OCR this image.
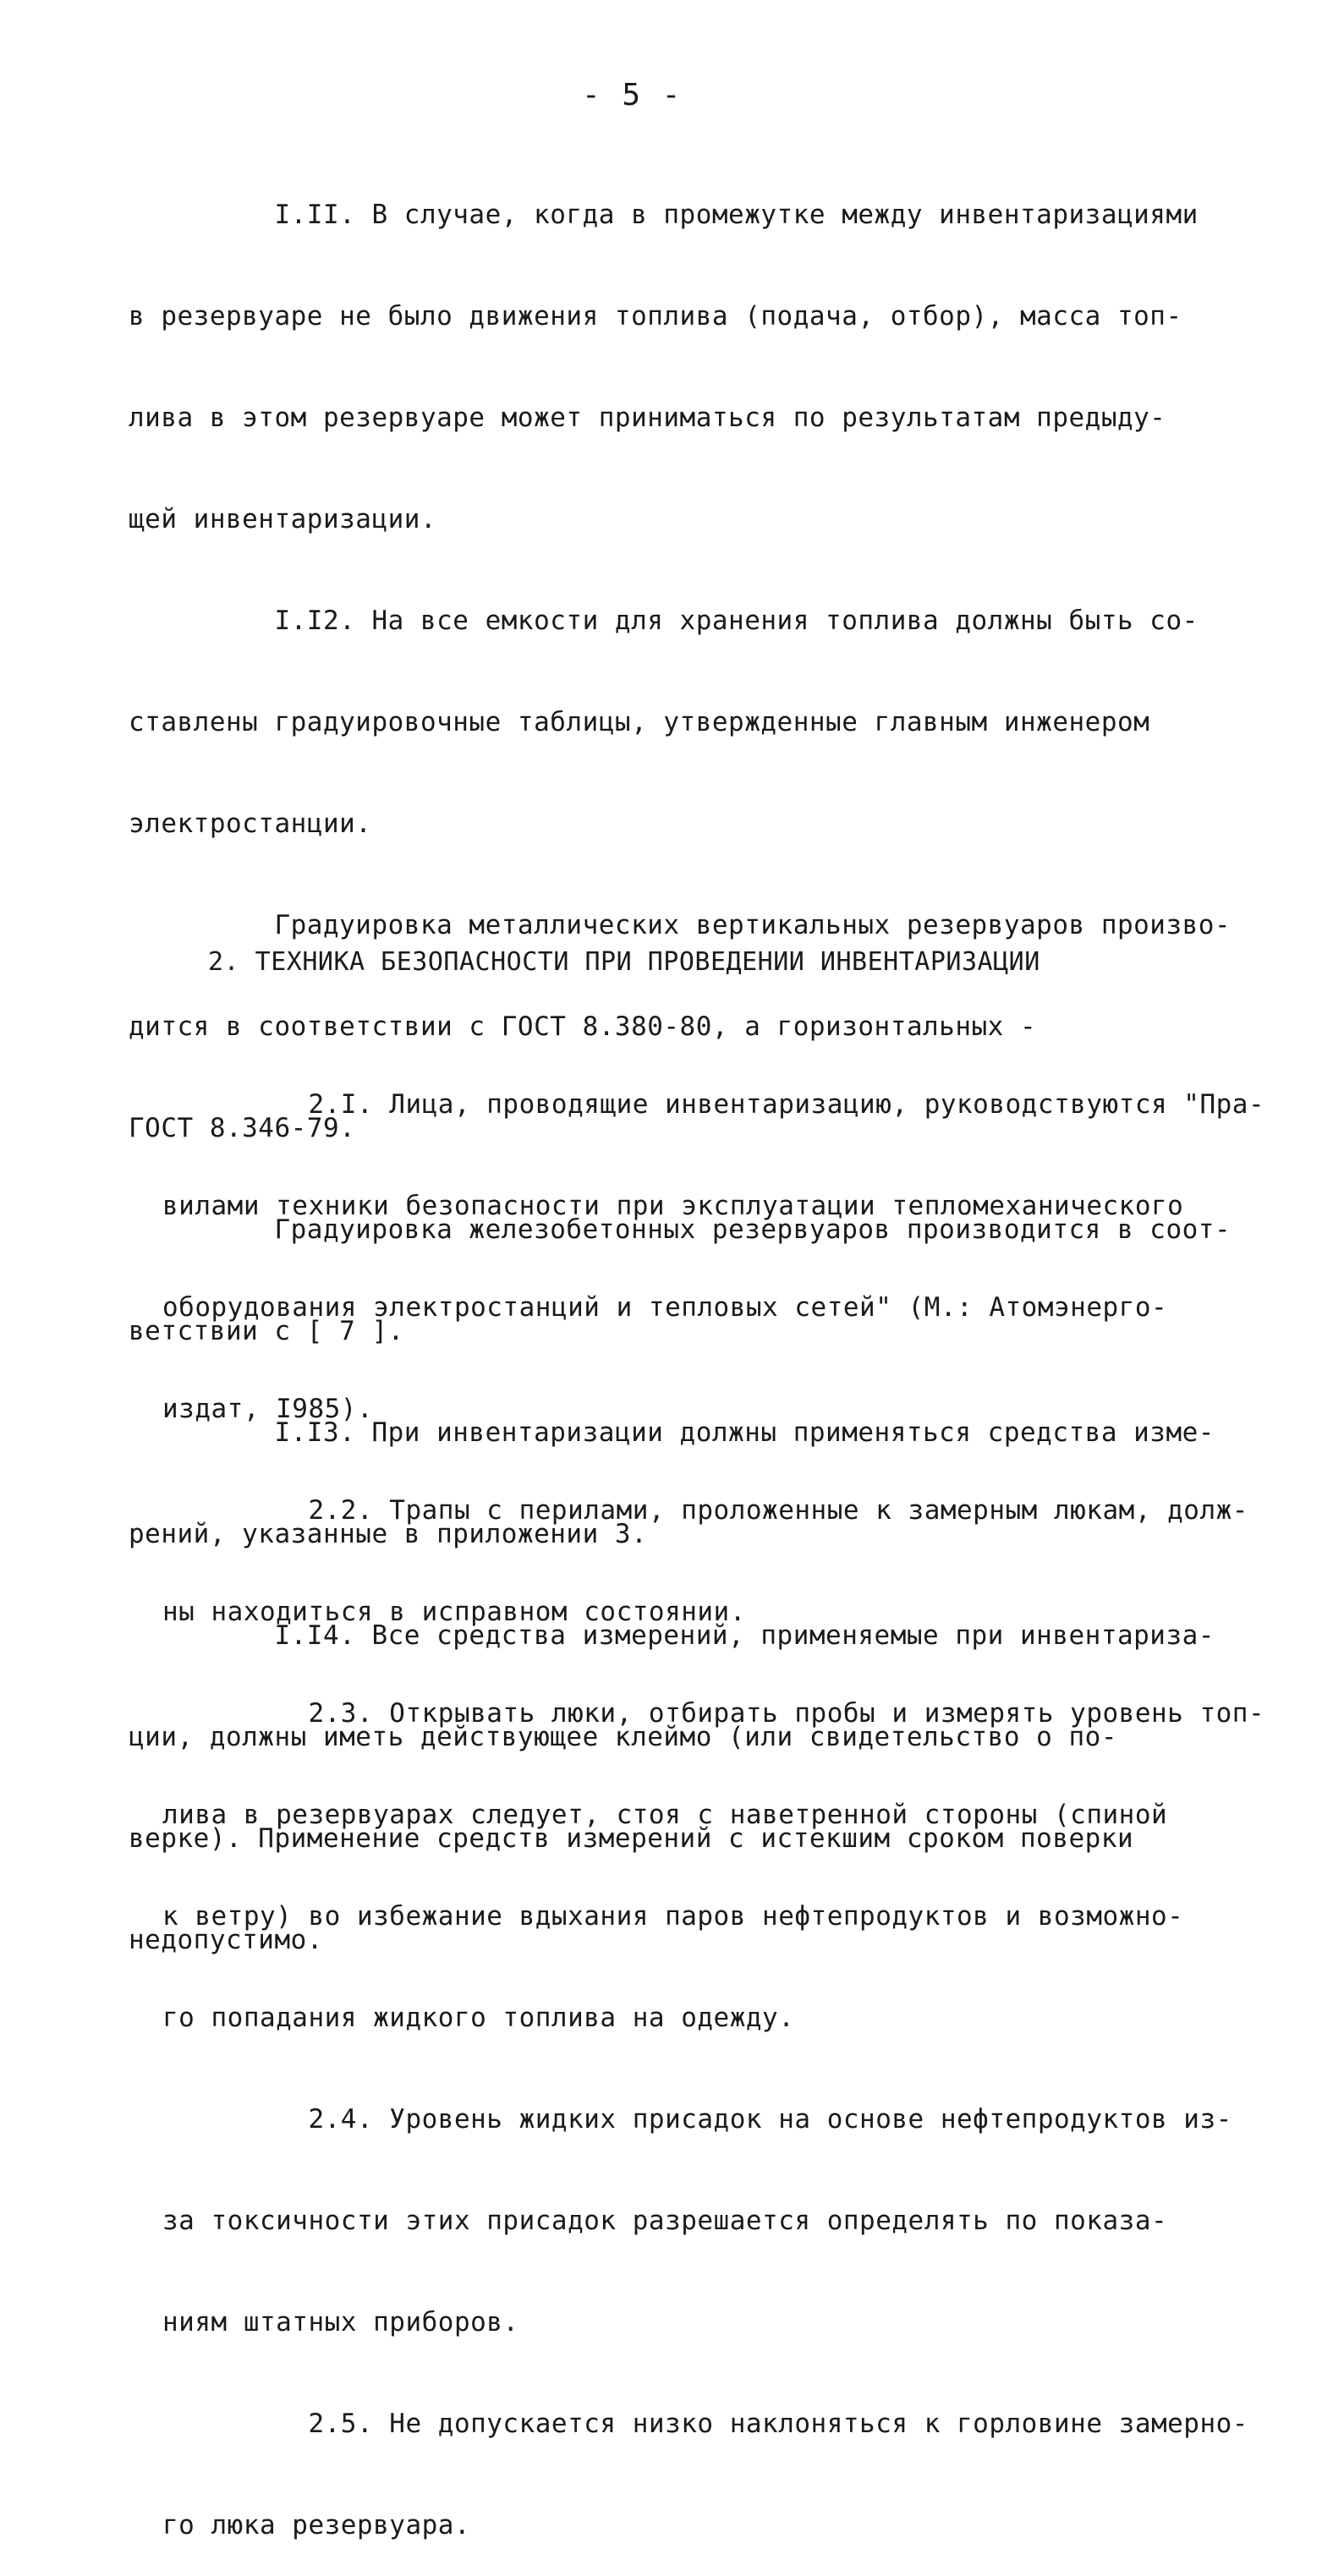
- 5 -

I.II. В случае, когда в промежутке между инвентаризациями

в резервуаре не было движения топлива (подача, отбор), масса топ-

лива в этом резервуаре может приниматься по результатам предыду-

щей инвентаризации.

I.I2. На все емкости для хранения топлива должны быть со-

ставлены градуировочные таблицы, утвержденные главным инженером

электростанции.

Градуировка металлических вертикальных резервуаров произво-

дится в соответствии с ГОСТ 8.380-80, а горизонтальных -

ГОСТ 8.346-79.

Градуировка железобетонных резервуаров производится в соот-

ветствии с [ 7 ].

I.I3. При инвентаризации должны применяться средства изме-

рений, указанные в приложении 3.

I.I4. Все средства измерений, применяемые при инвентариза-

ции, должны иметь действующее клеймо (или свидетельство о по-

верке). Применение средств измерений с истекшим сроком поверки

недопустимо.

2. ТЕХНИКА БЕЗОПАСНОСТИ ПРИ ПРОВЕДЕНИИ ИНВЕНТАРИЗАЦИИ

2.I. Лица, проводящие инвентаризацию, руководствуются "Пра-

вилами техники безопасности при эксплуатации тепломеханического

оборудования электростанций и тепловых сетей" (М.: Атомэнерго-

издат, I985).

2.2. Трапы с перилами, проложенные к замерным люкам, долж-

ны находиться в исправном состоянии.

2.3. Открывать люки, отбирать пробы и измерять уровень топ-

лива в резервуарах следует, стоя с наветренной стороны (спиной

к ветру) во избежание вдыхания паров нефтепродуктов и возможно-

го попадания жидкого топлива на одежду.

2.4. Уровень жидких присадок на основе нефтепродуктов из-

за токсичности этих присадок разрешается определять по показа-

ниям штатных приборов.

2.5. Не допускается низко наклоняться к горловине замерно-

го люка резервуара.
